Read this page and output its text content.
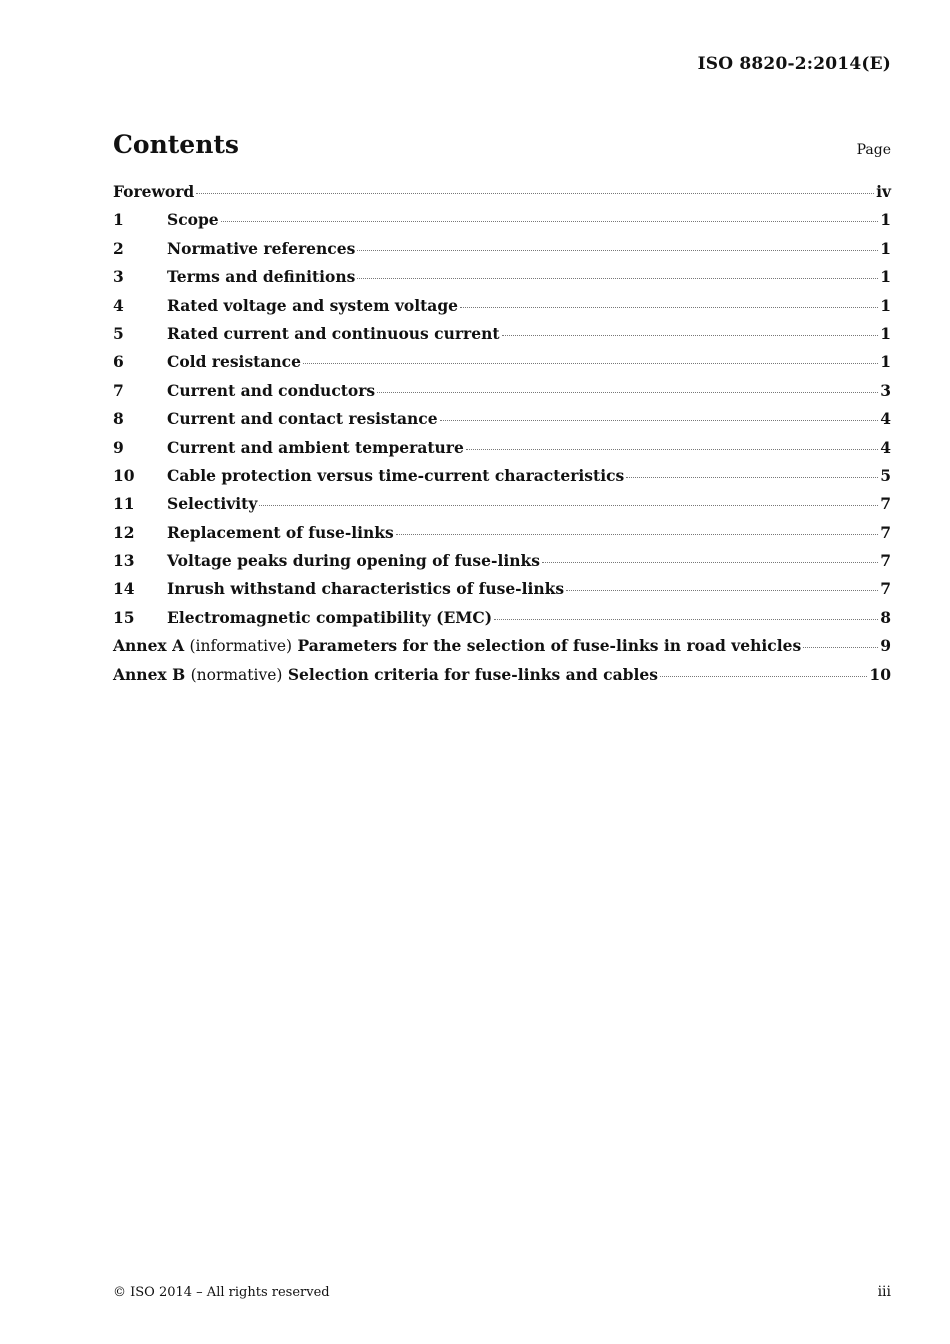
ISO 8820-2:2014(E)
Contents	Page
Foreword	iv
1	Scope	1
2	Normative references	1
3	Terms and definitions	1
4	Rated voltage and system voltage	1
5	Rated current and continuous current	1
6	Cold resistance	1
7	Current and conductors	3
8	Current and contact resistance	4
9	Current and ambient temperature	4
10	Cable protection versus time-current characteristics	5
11	Selectivity	7
12	Replacement of fuse-links	7
13	Voltage peaks during opening of fuse-links	7
14	Inrush withstand characteristics of fuse-links	7
15	Electromagnetic compatibility (EMC)	8
Annex A (informative) Parameters for the selection of fuse-links in road vehicles	9
Annex B (normative) Selection criteria for fuse-links and cables	10
© ISO 2014 – All rights reserved	iii
